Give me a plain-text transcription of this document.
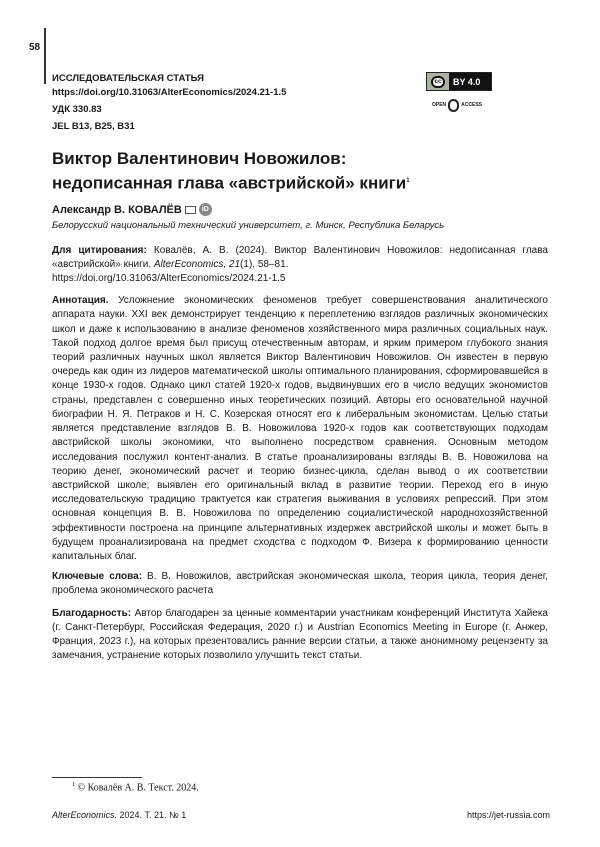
58
ИССЛЕДОВАТЕЛЬСКАЯ СТАТЬЯ
https://doi.org/10.31063/AlterEconomics/2024.21-1.5
УДК 330.83
JEL B13, B25, B31
cc	BY 4.0
OPEN	ACCESS
Виктор Валентинович Новожилов:
недописанная глава «австрийской» книги1
Александр В. КОВАЛЁВ	iD
Белорусский национальный технический университет, г. Минск, Республика Беларусь
Для цитирования: Ковалёв, А. В. (2024). Виктор Валентинович Новожилов: недописанная глава «австрийской» книги. AlterEconomics, 21(1), 58–81.
https://doi.org/10.31063/AlterEconomics/2024.21-1.5
Аннотация. Усложнение экономических феноменов требует совершенствования аналитического аппарата науки. XXI век демонстрирует тенденцию к переплетению взглядов различных экономических школ и даже к использованию в анализе феноменов хозяйственного мира различных социальных наук. Такой подход долгое время был присущ отечественным авторам, и ярким примером глубокого знания теорий различных научных школ является Виктор Валентинович Новожилов. Он известен в первую очередь как один из лидеров математической школы оптимального планирования, сформировавшейся в конце 1930-х годов. Однако цикл статей 1920-х годов, выдвинувших его в число ведущих экономистов страны, представлен с совершенно иных теоретических позиций. Авторы его основательной научной биографии Н. Я. Петраков и Н. С. Козерская относят его к либеральным экономистам. Целью статьи является представление взглядов В. В. Новожилова 1920-х годов как соответствующих подходам австрийской школы экономики, что выполнено посредством сравнения. Основным методом исследования послужил контент-анализ. В статье проанализированы взгляды В. В. Новожилова на теорию денег, экономический расчет и теорию бизнес-цикла, сделан вывод о их соответствии австрийской школе; выявлен его оригинальный вклад в развитие теории. Переход его в иную исследовательскую традицию трактуется как стратегия выживания в условиях репрессий. При этом основная концепция В. В. Новожилова по определению социалистической народнохозяйственной эффективности построена на принципе альтернативных издержек австрийской школы и может быть в будущем проанализирована на предмет сходства с подходом Ф. Визера к формированию ценности капитальных благ.
Ключевые слова: В. В. Новожилов, австрийская экономическая школа, теория цикла, теория денег, проблема экономического расчета
Благодарность: Автор благодарен за ценные комментарии участникам конференций Института Хайека (г. Санкт-Петербург, Российская Федерация, 2020 г.) и Austrian Economics Meeting in Europe (г. Анжер, Франция, 2023 г.), на которых презентовались ранние версии статьи, а также анонимному рецензенту за замечания, устранение которых позволило улучшить текст статьи.
1 © Ковалёв А. В. Текст. 2024.
AlterEconomics. 2024. Т. 21. № 1	https://jet-russia.com
